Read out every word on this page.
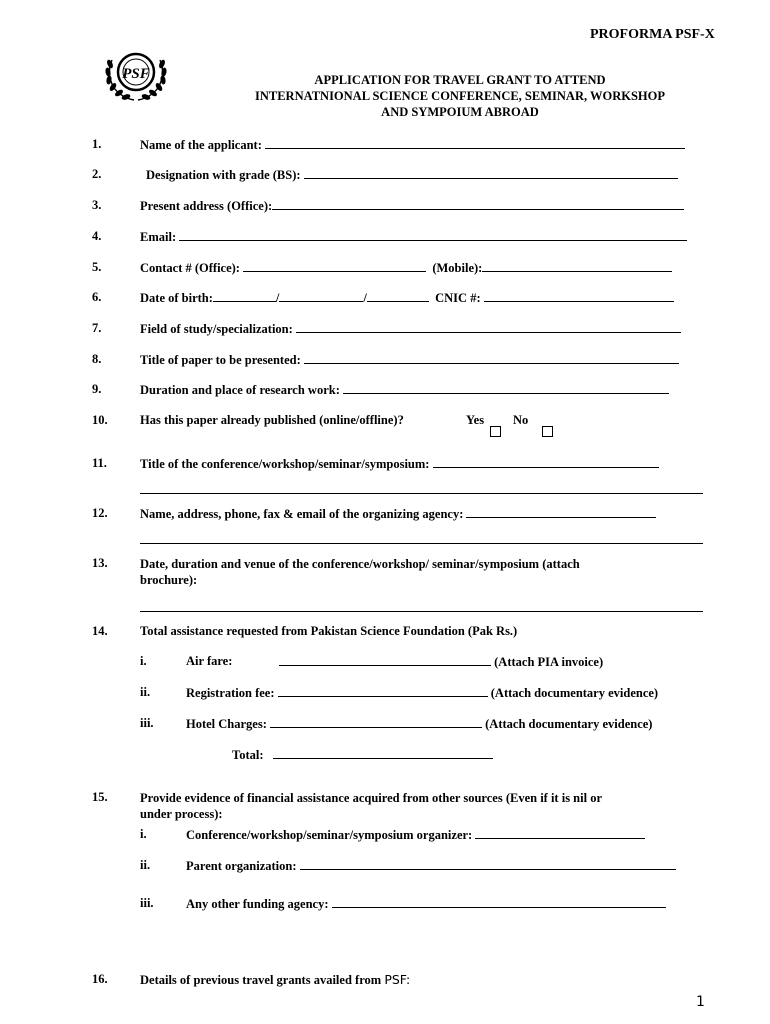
PROFORMA PSF-X
PSF	APPLICATION FOR TRAVEL GRANT TO ATTEND
INTERNATNIONAL SCIENCE CONFERENCE, SEMINAR, WORKSHOP
AND SYMPOIUM ABROAD
1.	Name of the applicant:
2.	Designation with grade (BS):
3.	Present address (Office):
4.	Email:
5.	Contact # (Office):	(Mobile):
6.	Date of birth:	/	/	CNIC #:
7.	Field of study/specialization:
8.	Title of paper to be presented:
9.	Duration and place of research work:
10.	Has this paper already published (online/offline)?	Yes No
11.	Title of the conference/workshop/seminar/symposium:
12.	Name, address, phone, fax & email of the organizing agency:
13.	Date, duration and venue of the conference/workshop/ seminar/symposium (attach
brochure):
14.	Total assistance requested from Pakistan Science Foundation (Pak Rs.)
i.	Air fare:	(Attach PIA invoice)
ii.	Registration fee:	(Attach documentary evidence)
iii.	Hotel Charges:	(Attach documentary evidence)
Total:
15.	Provide evidence of financial assistance acquired from other sources (Even if it is nil or
under process):
i.	Conference/workshop/seminar/symposium organizer:
ii.	Parent organization:
iii.	Any other funding agency:
16.	Details of previous travel grants availed from PSF:
1
